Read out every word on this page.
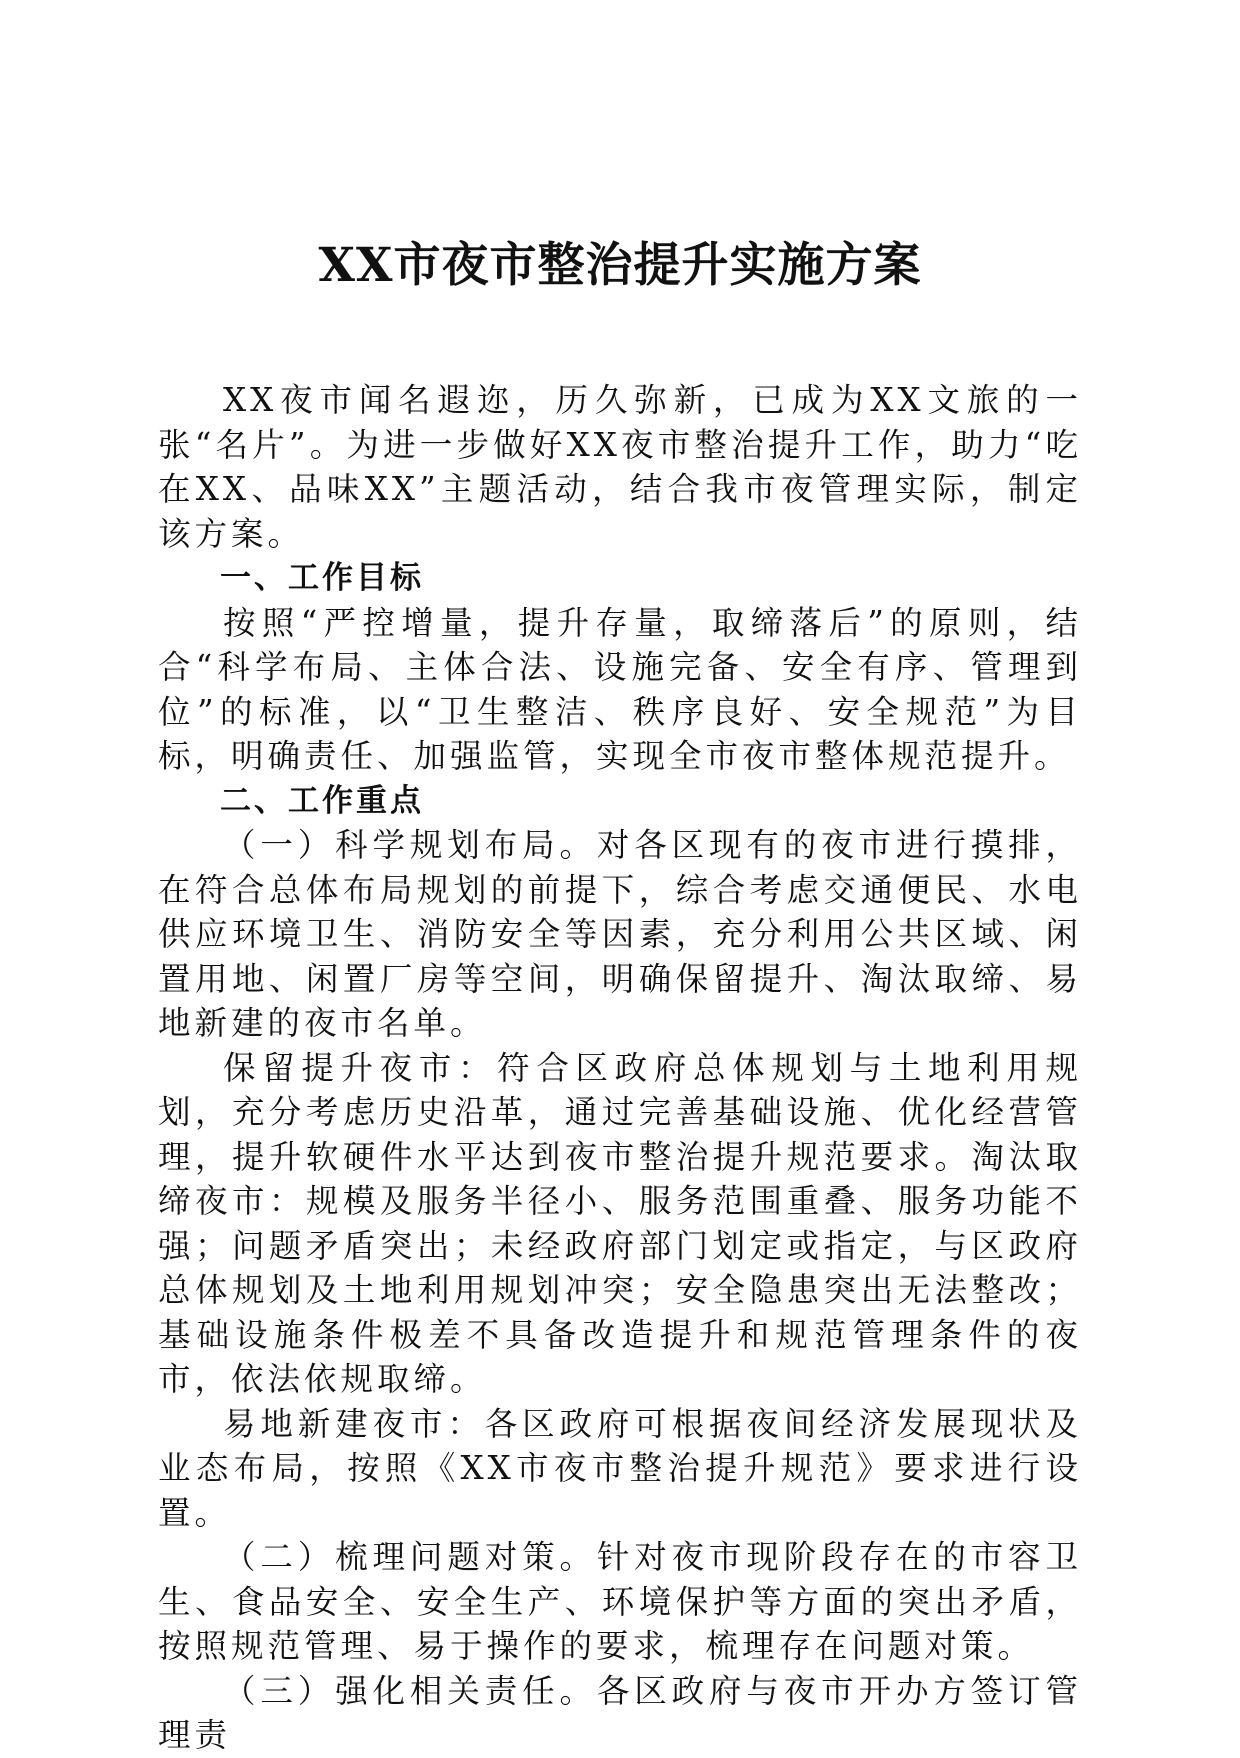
XX市夜市整治提升实施方案

XX夜市闻名遐迩，历久弥新，已成为XX文旅的一张“名片”。为进一步做好XX夜市整治提升工作，助力“吃在XX、品味XX”主题活动，结合我市夜管理实际，制定该方案。

一、工作目标

按照“严控增量，提升存量，取缔落后”的原则，结合“科学布局、主体合法、设施完备、安全有序、管理到位”的标准，以“卫生整洁、秩序良好、安全规范”为目标，明确责任、加强监管，实现全市夜市整体规范提升。

二、工作重点

（一）科学规划布局。对各区现有的夜市进行摸排，在符合总体布局规划的前提下，综合考虑交通便民、水电供应环境卫生、消防安全等因素，充分利用公共区域、闲置用地、闲置厂房等空间，明确保留提升、淘汰取缔、易地新建的夜市名单。

保留提升夜市：符合区政府总体规划与土地利用规划，充分考虑历史沿革，通过完善基础设施、优化经营管理，提升软硬件水平达到夜市整治提升规范要求。淘汰取缔夜市：规模及服务半径小、服务范围重叠、服务功能不强；问题矛盾突出；未经政府部门划定或指定，与区政府总体规划及土地利用规划冲突；安全隐患突出无法整改；基础设施条件极差不具备改造提升和规范管理条件的夜市，依法依规取缔。

易地新建夜市：各区政府可根据夜间经济发展现状及业态布局，按照《XX市夜市整治提升规范》要求进行设置。

（二）梳理问题对策。针对夜市现阶段存在的市容卫生、食品安全、安全生产、环境保护等方面的突出矛盾，按照规范管理、易于操作的要求，梳理存在问题对策。

（三）强化相关责任。各区政府与夜市开办方签订管理责
